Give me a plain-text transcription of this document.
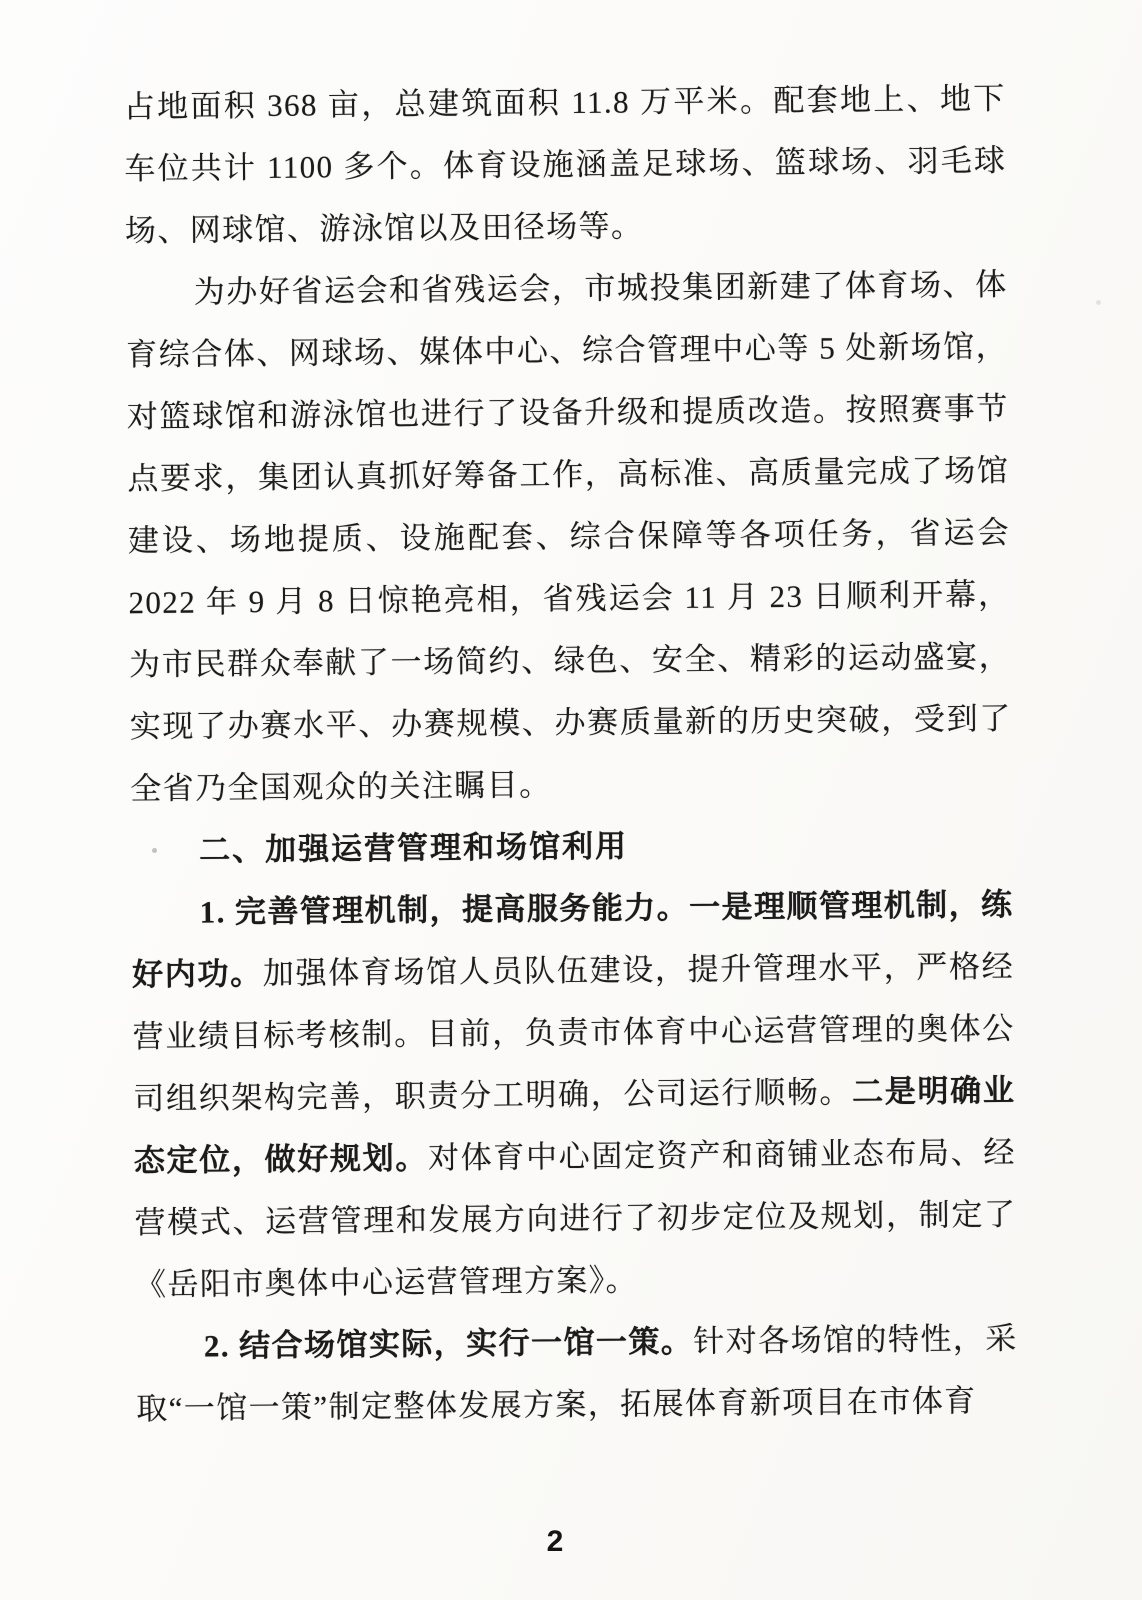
占地面积 368 亩，总建筑面积 11.8 万平米。配套地上、地下车位共计 1100 多个。体育设施涵盖足球场、篮球场、羽毛球场、网球馆、游泳馆以及田径场等。

为办好省运会和省残运会，市城投集团新建了体育场、体育综合体、网球场、媒体中心、综合管理中心等 5 处新场馆，对篮球馆和游泳馆也进行了设备升级和提质改造。按照赛事节点要求，集团认真抓好筹备工作，高标准、高质量完成了场馆建设、场地提质、设施配套、综合保障等各项任务，省运会 2022 年 9 月 8 日惊艳亮相，省残运会 11 月 23 日顺利开幕，为市民群众奉献了一场简约、绿色、安全、精彩的运动盛宴，实现了办赛水平、办赛规模、办赛质量新的历史突破，受到了全省乃全国观众的关注瞩目。

二、加强运营管理和场馆利用

1. 完善管理机制，提高服务能力。一是理顺管理机制，练好内功。加强体育场馆人员队伍建设，提升管理水平，严格经营业绩目标考核制。目前，负责市体育中心运营管理的奥体公司组织架构完善，职责分工明确，公司运行顺畅。二是明确业态定位，做好规划。对体育中心固定资产和商铺业态布局、经营模式、运营管理和发展方向进行了初步定位及规划，制定了《岳阳市奥体中心运营管理方案》。

2. 结合场馆实际，实行一馆一策。针对各场馆的特性，采取“一馆一策”制定整体发展方案，拓展体育新项目在市体育

2
